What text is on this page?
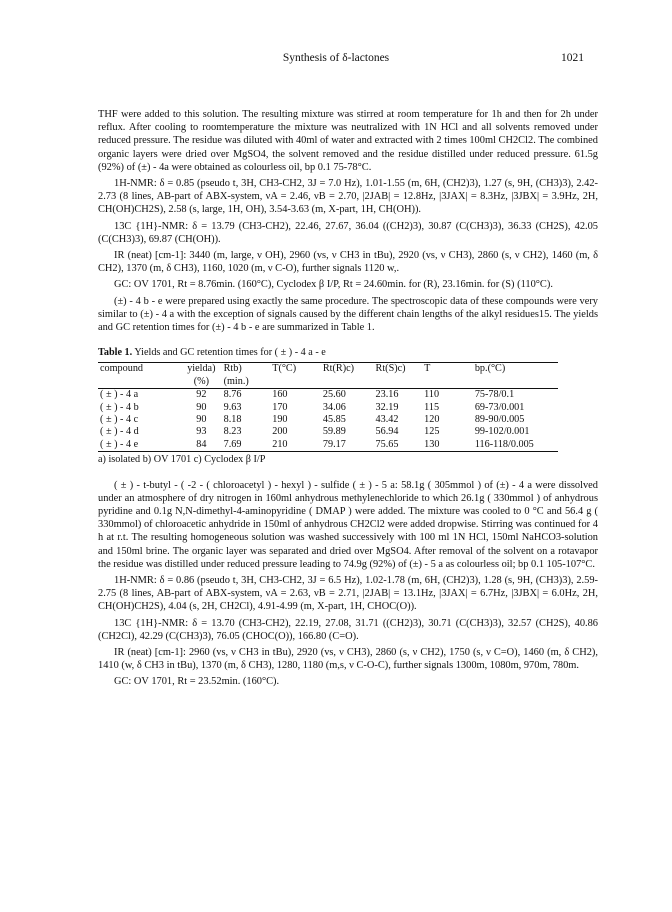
Synthesis of δ-lactones	1021

THF were added to this solution. The resulting mixture was stirred at room temperature for 1h and then for 2h under reflux. After cooling to roomtemperature the mixture was neutralized with 1N HCl and all solvents removed under reduced pressure. The residue was diluted with 40ml of water and extracted with 2 times 100ml CH2Cl2. The combined organic layers were dried over MgSO4, the solvent removed and the residue distilled under reduced pressure. 61.5g (92%) of (±) - 4a were obtained as colourless oil, bp 0.1 75-78°C.

1H-NMR: δ = 0.85 (pseudo t, 3H, CH3-CH2, 3J = 7.0 Hz), 1.01-1.55 (m, 6H, (CH2)3), 1.27 (s, 9H, (CH3)3), 2.42-2.73 (8 lines, AB-part of ABX-system, νA = 2.46, νB = 2.70, |2JAB| = 12.8Hz, |3JAX| = 8.3Hz, |3JBX| = 3.9Hz, 2H, CH(OH)CH2S), 2.58 (s, large, 1H, OH), 3.54-3.63 (m, X-part, 1H, CH(OH)).

13C {1H}-NMR: δ = 13.79 (CH3-CH2), 22.46, 27.67, 36.04 ((CH2)3), 30.87 (C(CH3)3), 36.33 (CH2S), 42.05 (C(CH3)3), 69.87 (CH(OH)).

IR (neat) [cm-1]: 3440 (m, large, ν OH), 2960 (vs, ν CH3 in tBu), 2920 (vs, ν CH3), 2860 (s, ν CH2), 1460 (m, δ CH2), 1370 (m, δ CH3), 1160, 1020 (m, ν C-O), further signals 1120 w,.

GC: OV 1701, Rt = 8.76min. (160°C), Cyclodex β I/P, Rt = 24.60min. for (R), 23.16min. for (S) (110°C).

(±) - 4 b - e were prepared using exactly the same procedure. The spectroscopic data of these compounds were very similar to (±) - 4 a with the exception of signals caused by the different chain lengths of the alkyl residues15. The yields and GC retention times for (±) - 4 b - e are summarized in Table 1.

Table 1. Yields and GC retention times for ( ± ) - 4 a - e
compound	yielda)	Rtb)	T(°C)	Rt(R)c)	Rt(S)c)	T	bp.(°C)
	(%)	(min.)					
( ± ) - 4 a	92	8.76	160	25.60	23.16	110	75-78/0.1
( ± ) - 4 b	90	9.63	170	34.06	32.19	115	69-73/0.001
( ± ) - 4 c	90	8.18	190	45.85	43.42	120	89-90/0.005
( ± ) - 4 d	93	8.23	200	59.89	56.94	125	99-102/0.001
( ± ) - 4 e	84	7.69	210	79.17	75.65	130	116-118/0.005
a) isolated b) OV 1701 c) Cyclodex β I/P

( ± ) - t-butyl - ( -2 - ( chloroacetyl ) - hexyl ) - sulfide ( ± ) - 5 a: 58.1g ( 305mmol ) of (±) - 4 a were dissolved under an atmosphere of dry nitrogen in 160ml anhydrous methylenechloride to which 26.1g ( 330mmol ) of anhydrous pyridine and 0.1g N,N-dimethyl-4-aminopyridine ( DMAP ) were added. The mixture was cooled to 0 °C and 56.4 g ( 330mmol) of chloroacetic anhydride in 150ml of anhydrous CH2Cl2 were added dropwise. Stirring was continued for 4 h at r.t. The resulting homogeneous solution was washed successively with 100 ml 1N HCl, 150ml NaHCO3-solution and 150ml brine. The organic layer was separated and dried over MgSO4. After removal of the solvent on a rotavapor the residue was distilled under reduced pressure leading to 74.9g (92%) of (±) - 5 a as colourless oil; bp 0.1 105-107°C.

1H-NMR: δ = 0.86 (pseudo t, 3H, CH3-CH2, 3J = 6.5 Hz), 1.02-1.78 (m, 6H, (CH2)3), 1.28 (s, 9H, (CH3)3), 2.59-2.75 (8 lines, AB-part of ABX-system, νA = 2.63, νB = 2.71, |2JAB| = 13.1Hz, |3JAX| = 6.7Hz, |3JBX| = 6.0Hz, 2H, CH(OH)CH2S), 4.04 (s, 2H, CH2Cl), 4.91-4.99 (m, X-part, 1H, CHOC(O)).

13C {1H}-NMR: δ = 13.70 (CH3-CH2), 22.19, 27.08, 31.71 ((CH2)3), 30.71 (C(CH3)3), 32.57 (CH2S), 40.86 (CH2Cl), 42.29 (C(CH3)3), 76.05 (CHOC(O)), 166.80 (C=O).

IR (neat) [cm-1]: 2960 (vs, ν CH3 in tBu), 2920 (vs, ν CH3), 2860 (s, ν CH2), 1750 (s, ν C=O), 1460 (m, δ CH2), 1410 (w, δ CH3 in tBu), 1370 (m, δ CH3), 1280, 1180 (m,s, ν C-O-C), further signals 1300m, 1080m, 970m, 780m.

GC: OV 1701, Rt = 23.52min. (160°C).
